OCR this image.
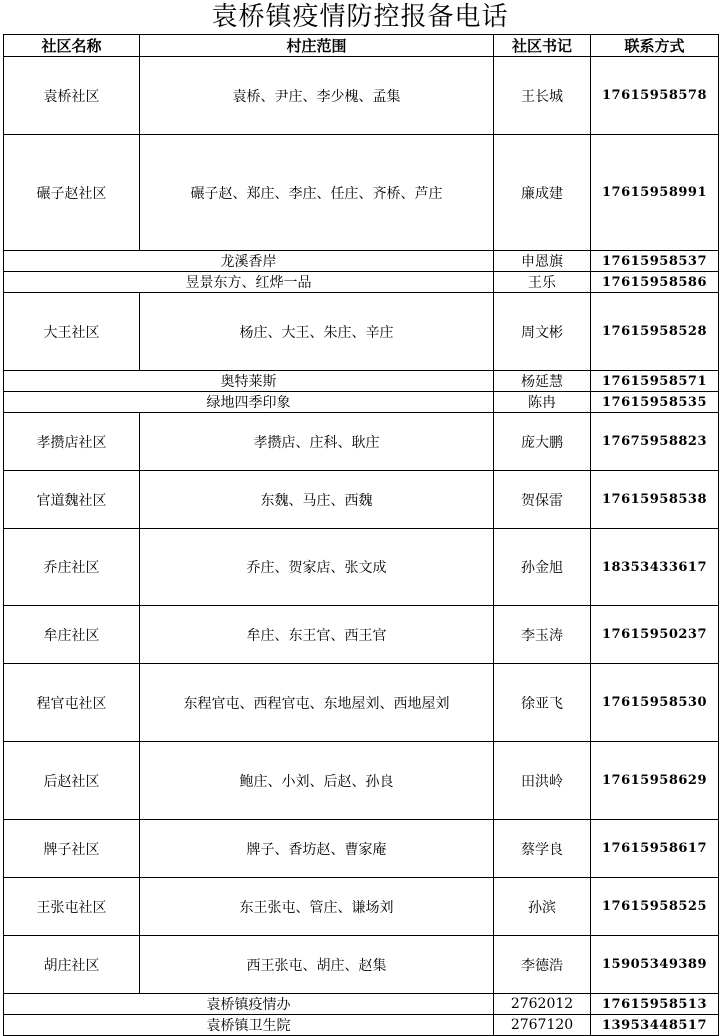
袁桥镇疫情防控报备电话
社区名称	村庄范围	社区书记	联系方式
袁桥社区	袁桥、尹庄、李少槐、孟集	王长城	17615958578
碾子赵社区	碾子赵、郑庄、李庄、任庄、齐桥、芦庄	廉成建	17615958991
龙溪香岸		申恩旗	17615958537
昱景东方、红烨一品		王乐	17615958586
大王社区	杨庄、大王、朱庄、辛庄	周文彬	17615958528
奥特莱斯		杨延慧	17615958571
绿地四季印象		陈冉	17615958535
孝攒店社区	孝攒店、庄科、耿庄	庞大鹏	17675958823
官道魏社区	东魏、马庄、西魏	贺保雷	17615958538
乔庄社区	乔庄、贺家店、张文成	孙金旭	18353433617
牟庄社区	牟庄、东王官、西王官	李玉涛	17615950237
程官屯社区	东程官屯、西程官屯、东地屋刘、西地屋刘	徐亚飞	17615958530
后赵社区	鲍庄、小刘、后赵、孙良	田洪岭	17615958629
牌子社区	牌子、香坊赵、曹家庵	蔡学良	17615958617
王张屯社区	东王张屯、管庄、谦场刘	孙滨	17615958525
胡庄社区	西王张屯、胡庄、赵集	李德浩	15905349389
袁桥镇疫情办		2762012	17615958513
袁桥镇卫生院		2767120	13953448517
